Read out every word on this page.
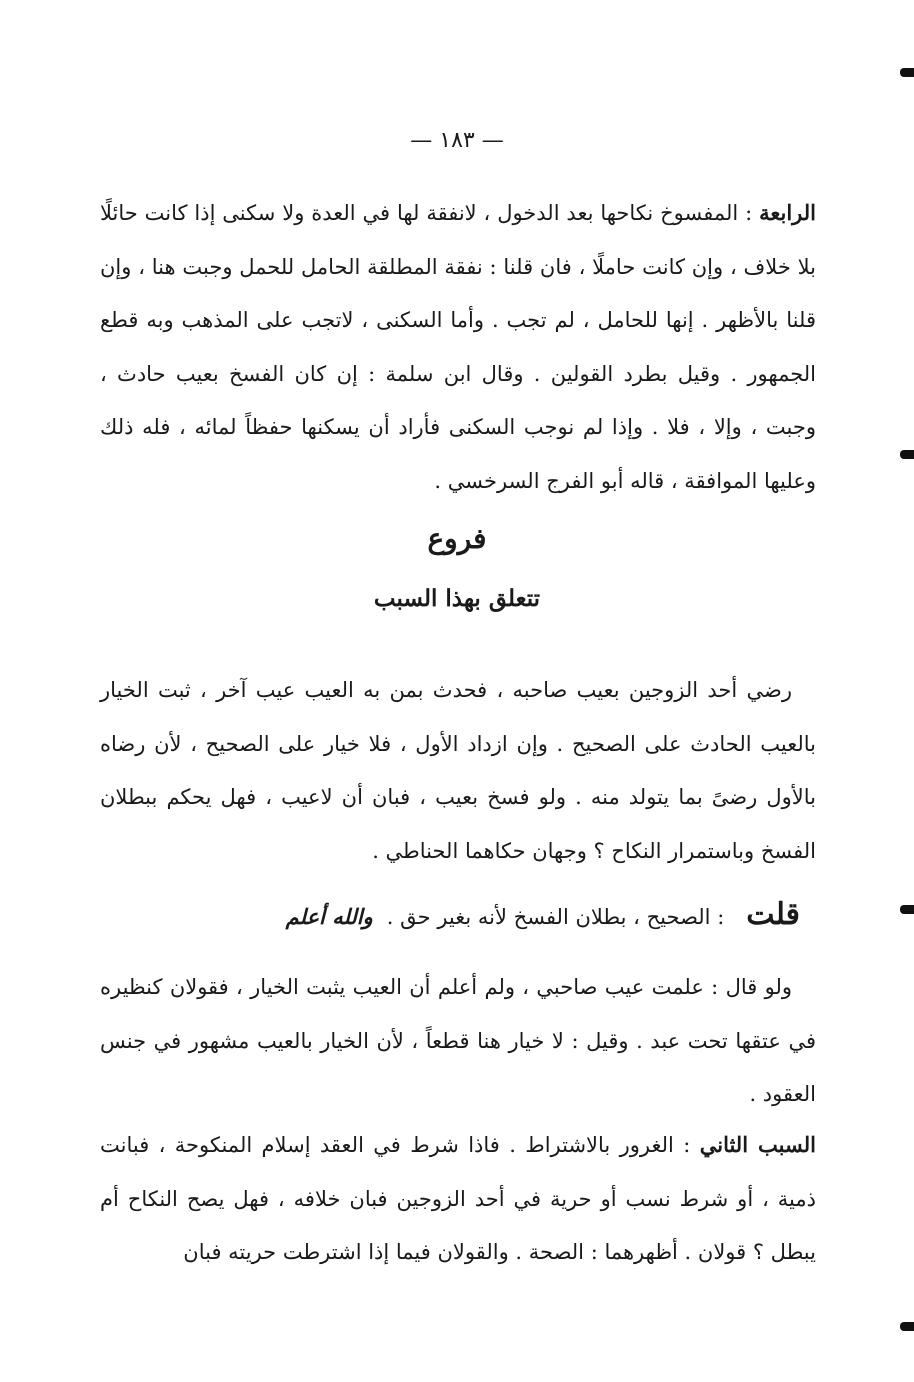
— ١٨٣ —
الرابعة : المفسوخ نكاحها بعد الدخول ، لانفقة لها في العدة ولا سكنى إذا كانت حائلًا بلا خلاف ، وإن كانت حاملًا ، فان قلنا : نفقة المطلقة الحامل للحمل وجبت هنا ، وإن قلنا بالأظهر . إنها للحامل ، لم تجب . وأما السكنى ، لاتجب على المذهب وبه قطع الجمهور . وقيل بطرد القولين . وقال ابن سلمة : إن كان الفسخ بعيب حادث ، وجبت ، وإلا ، فلا . وإذا لم نوجب السكنى فأراد أن يسكنها حفظاً لمائه ، فله ذلك وعليها الموافقة ، قاله أبو الفرج السرخسي .
فروع
تتعلق بهذا السبب
رضي أحد الزوجين بعيب صاحبه ، فحدث بمن به العيب عيب آخر ، ثبت الخيار بالعيب الحادث على الصحيح . وإن ازداد الأول ، فلا خيار على الصحيح ، لأن رضاه بالأول رضىً بما يتولد منه . ولو فسخ بعيب ، فبان أن لاعيب ، فهل يحكم ببطلان الفسخ وباستمرار النكاح ؟ وجهان حكاهما الحناطي .
قلت: الصحيح ، بطلان الفسخ لأنه بغير حق .والله أعلم
ولو قال : علمت عيب صاحبي ، ولم أعلم أن العيب يثبت الخيار ، فقولان كنظيره في عتقها تحت عبد . وقيل : لا خيار هنا قطعاً ، لأن الخيار بالعيب مشهور في جنس العقود .
السبب الثاني : الغرور بالاشتراط . فاذا شرط في العقد إسلام المنكوحة ، فبانت ذمية ، أو شرط نسب أو حرية في أحد الزوجين فبان خلافه ، فهل يصح النكاح أم يبطل ؟ قولان . أظهرهما : الصحة . والقولان فيما إذا اشترطت حريته فبان
